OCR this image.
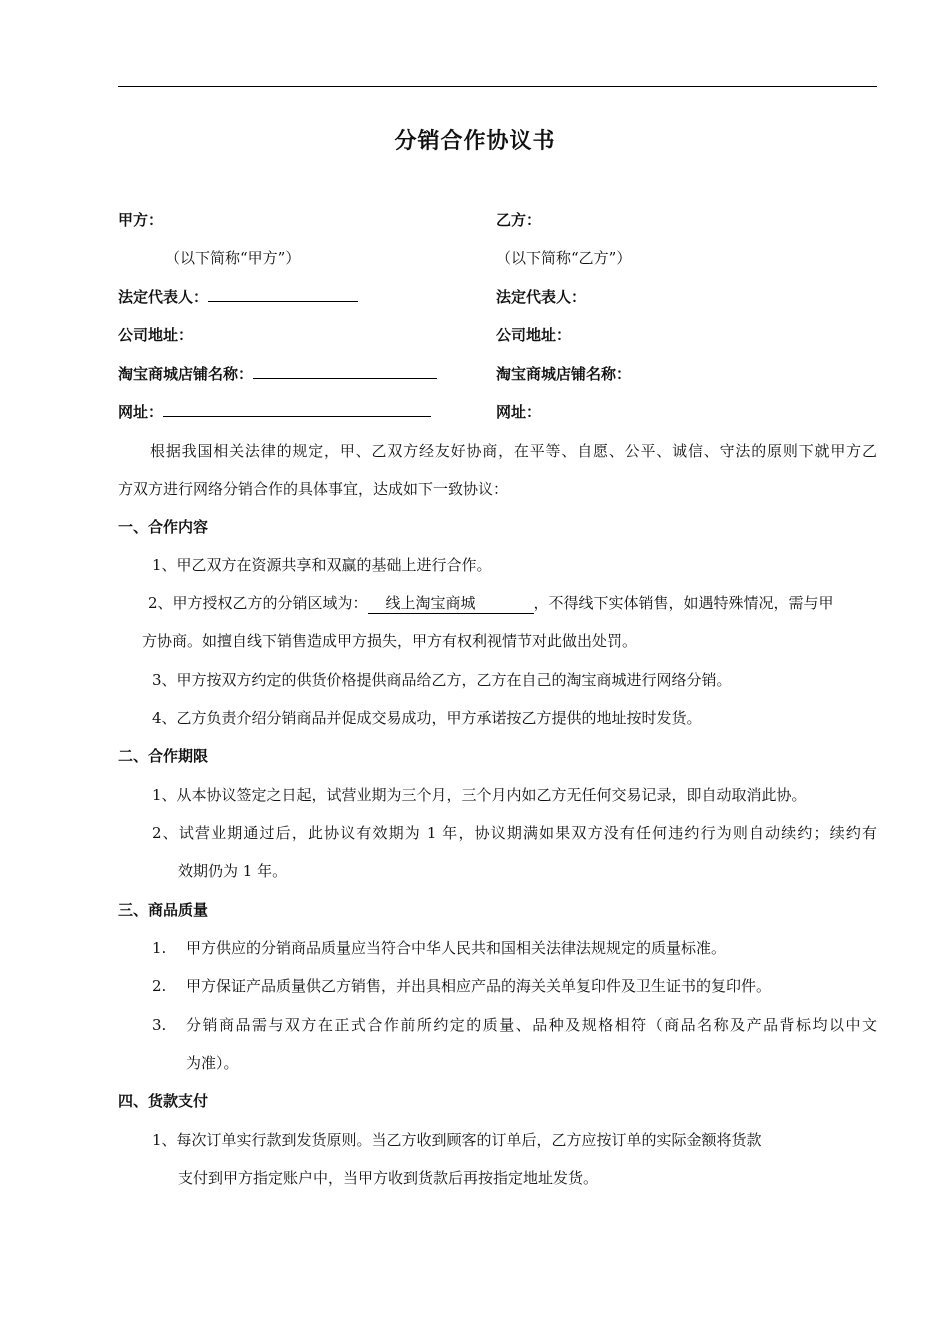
分销合作协议书
甲方：
（以下简称“甲方”）
法定代表人：
公司地址：
淘宝商城店铺名称：
网址：
乙方：
（以下简称“乙方”）
法定代表人：
公司地址：
淘宝商城店铺名称：
网址：
根据我国相关法律的规定，甲、乙双方经友好协商，在平等、自愿、公平、诚信、守法的原则下就甲方乙
方双方进行网络分销合作的具体事宜，达成如下一致协议：
一、合作内容
1、甲乙双方在资源共享和双赢的基础上进行合作。
2、甲方授权乙方的分销区域为： 线上淘宝商城	，不得线下实体销售，如遇特殊情况，需与甲
方协商。如擅自线下销售造成甲方损失，甲方有权利视情节对此做出处罚。
3、甲方按双方约定的供货价格提供商品给乙方，乙方在自己的淘宝商城进行网络分销。
4、乙方负责介绍分销商品并促成交易成功，甲方承诺按乙方提供的地址按时发货。
二、合作期限
1、从本协议签定之日起，试营业期为三个月，三个月内如乙方无任何交易记录，即自动取消此协。
2、试营业期通过后，此协议有效期为 1 年，协议期满如果双方没有任何违约行为则自动续约；续约有
效期仍为 1 年。
三、商品质量
1. 甲方供应的分销商品质量应当符合中华人民共和国相关法律法规规定的质量标准。
2. 甲方保证产品质量供乙方销售，并出具相应产品的海关关单复印件及卫生证书的复印件。
3. 分销商品需与双方在正式合作前所约定的质量、品种及规格相符（商品名称及产品背标均以中文
为准）。
四、货款支付
1、每次订单实行款到发货原则。当乙方收到顾客的订单后，乙方应按订单的实际金额将货款
支付到甲方指定账户中，当甲方收到货款后再按指定地址发货。
